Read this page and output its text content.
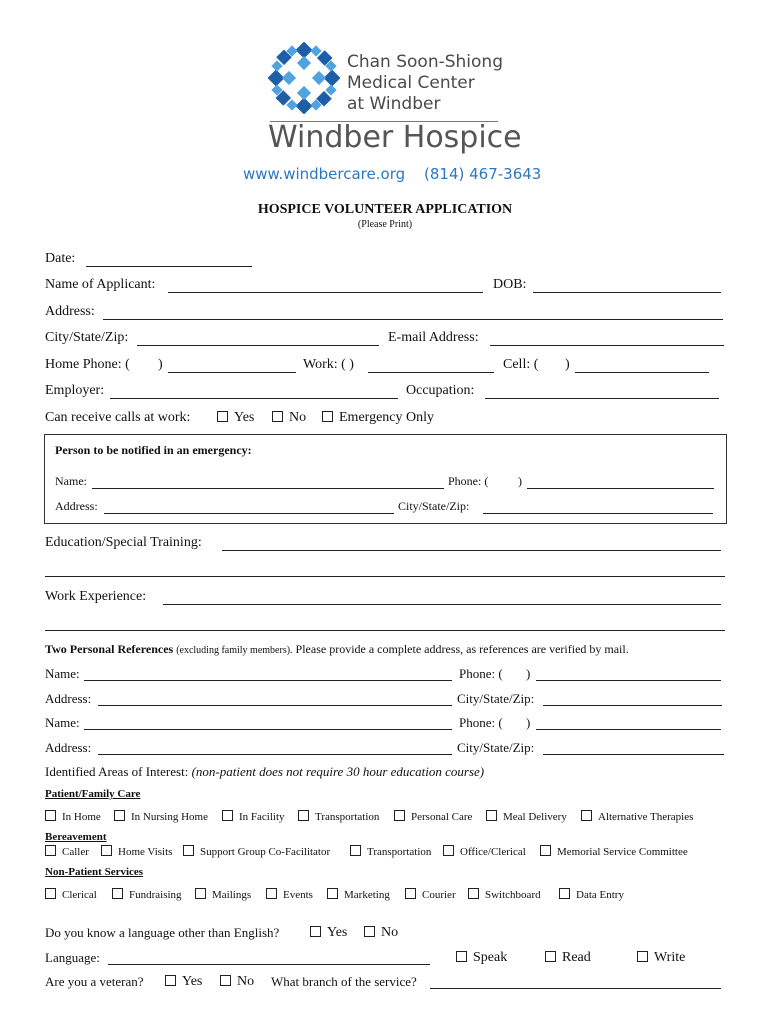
Chan Soon-Shiong
Medical Center
at Windber
Windber Hospice
www.windbercare.org (814) 467-3643
HOSPICE VOLUNTEER APPLICATION
(Please Print)
Date:
Name of Applicant:	DOB:
Address:
City/State/Zip:	E-mail Address:
Home Phone: ( )	Work: ( )	Cell: ( )
Employer:	Occupation:
Can receive calls at work:	Yes	No	Emergency Only
Person to be notified in an emergency:
Name:	Phone: ( )
Address:	City/State/Zip:
Education/Special Training:
Work Experience:
Two Personal References (excluding family members). Please provide a complete address, as references are verified by mail.
Name:	Phone: ( )
Address:	City/State/Zip:
Name:	Phone: ( )
Address:	City/State/Zip:
Identified Areas of Interest: (non-patient does not require 30 hour education course)
Patient/Family Care
In Home	In Nursing Home	In Facility	Transportation	Personal Care	Meal Delivery	Alternative Therapies
Bereavement
Caller	Home Visits	Support Group Co-Facilitator	Transportation	Office/Clerical	Memorial Service Committee
Non-Patient Services
Clerical	Fundraising	Mailings	Events	Marketing	Courier	Switchboard	Data Entry
Do you know a language other than English?	Yes	No
Language:	Speak	Read	Write
Are you a veteran?	Yes	No What branch of the service?
